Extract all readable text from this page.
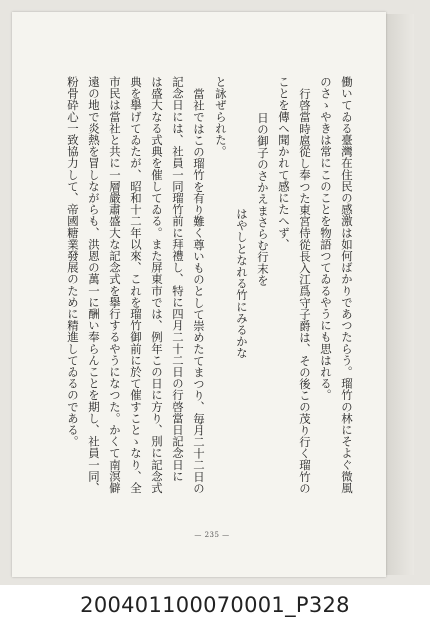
働いてゐる臺灣在住民の感激は如何ばかりであつたらう。瑠竹の林にそよぐ微風
のさゝやきは常にこのことを物語つてゐるやうにも思はれる。
行啓當時扈從し奉つた東宮侍從長入江爲守子爵は、その後この茂り行く瑠竹の
ことを傳へ聞かれて感にたへず、
日の御子のさかえまさらむ行末を
はやしとなれる竹にみるかな
と詠ぜられた。
當社ではこの瑠竹を有り難く尊いものとして崇めたてまつり、毎月二十二日の
記念日には、社員一同瑠竹前に拜禮し、特に四月二十二日の行啓當日記念日に
は盛大なる式典を催してゐる。また屏東市では、例年この日に方り、別に記念式
典を擧げてゐたが、昭和十二年以來、これを瑠竹御前に於て催すことゝなり、全
市民は當社と共に一層嚴肅盛大な記念式を擧行するやうになつた。かくて南溟僻
遠の地で炎熱を冒しながらも、洪恩の萬一に酬い奉らんことを期し、社員一同、
粉骨砕心一致協力して、帝國糖業發展のために精進してゐるのである。
— 235 —
200401100070001_P328
